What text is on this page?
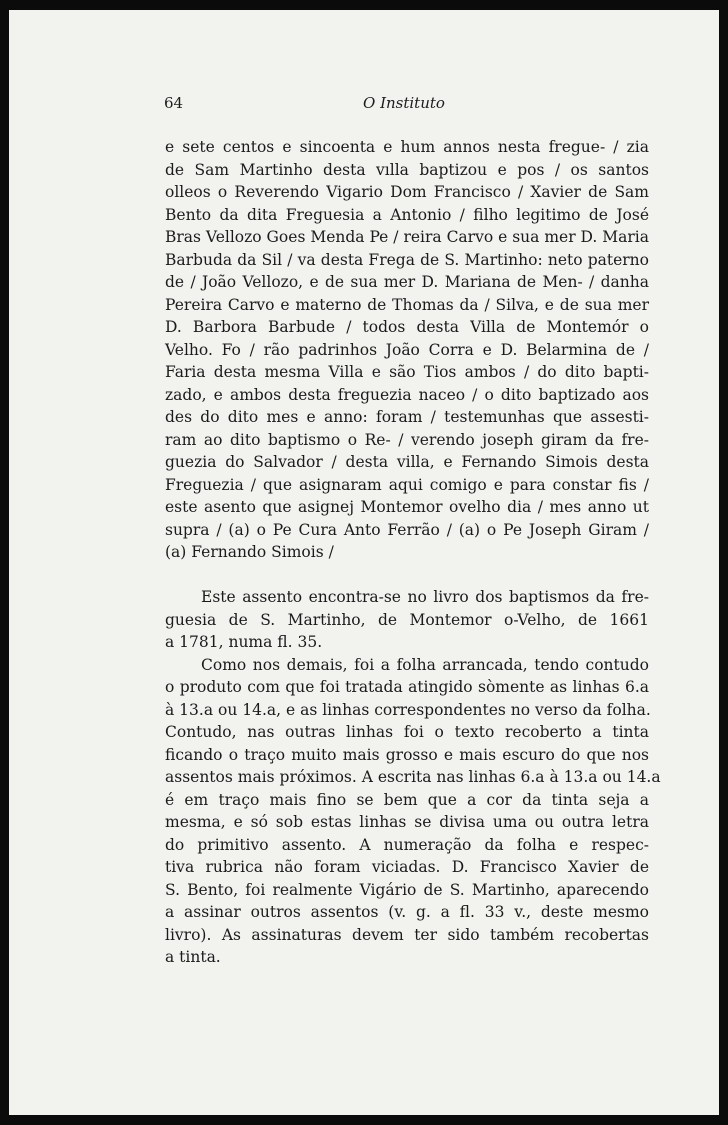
64	O Instituto
e sete centos e sincoenta e hum annos nesta fregue- / zia
de Sam Martinho desta vılla baptizou e pos / os santos
olleos o Reverendo Vigario Dom Francisco / Xavier de Sam
Bento da dita Freguesia a Antonio / filho legitimo de José
Bras Vellozo Goes Menda Pe / reira Carvo e sua mer D. Maria
Barbuda da Sil / va desta Frega de S. Martinho: neto paterno
de / João Vellozo, e de sua mer D. Mariana de Men- / danha
Pereira Carvo e materno de Thomas da / Silva, e de sua mer
D. Barbora Barbude / todos desta Villa de Montemór o
Velho. Fo / rão padrinhos João Corra e D. Belarmina de /
Faria desta mesma Villa e são Tios ambos / do dito bapti-
zado, e ambos desta freguezia naceo / o dito baptizado aos
des do dito mes e anno: foram / testemunhas que assesti-
ram ao dito baptismo o Re- / verendo joseph giram da fre-
guezia do Salvador / desta villa, e Fernando Simois desta
Freguezia / que asignaram aqui comigo e para constar fis /
este asento que asignej Montemor ovelho dia / mes anno ut
supra / (a) o Pe Cura Anto Ferrão / (a) o Pe Joseph Giram /
(a) Fernando Simois /
Este assento encontra-se no livro dos baptismos da fre-
guesia de S. Martinho, de Montemor o-Velho, de 1661
a 1781, numa fl. 35.
Como nos demais, foi a folha arrancada, tendo contudo
o produto com que foi tratada atingido sòmente as linhas 6.a
à 13.a ou 14.a, e as linhas correspondentes no verso da folha.
Contudo, nas outras linhas foi o texto recoberto a tinta
ficando o traço muito mais grosso e mais escuro do que nos
assentos mais próximos. A escrita nas linhas 6.a à 13.a ou 14.a
é em traço mais fino se bem que a cor da tinta seja a
mesma, e só sob estas linhas se divisa uma ou outra letra
do primitivo assento. A numeração da folha e respec-
tiva rubrica não foram viciadas. D. Francisco Xavier de
S. Bento, foi realmente Vigário de S. Martinho, aparecendo
a assinar outros assentos (v. g. a fl. 33 v., deste mesmo
livro). As assinaturas devem ter sido também recobertas
a tinta.
